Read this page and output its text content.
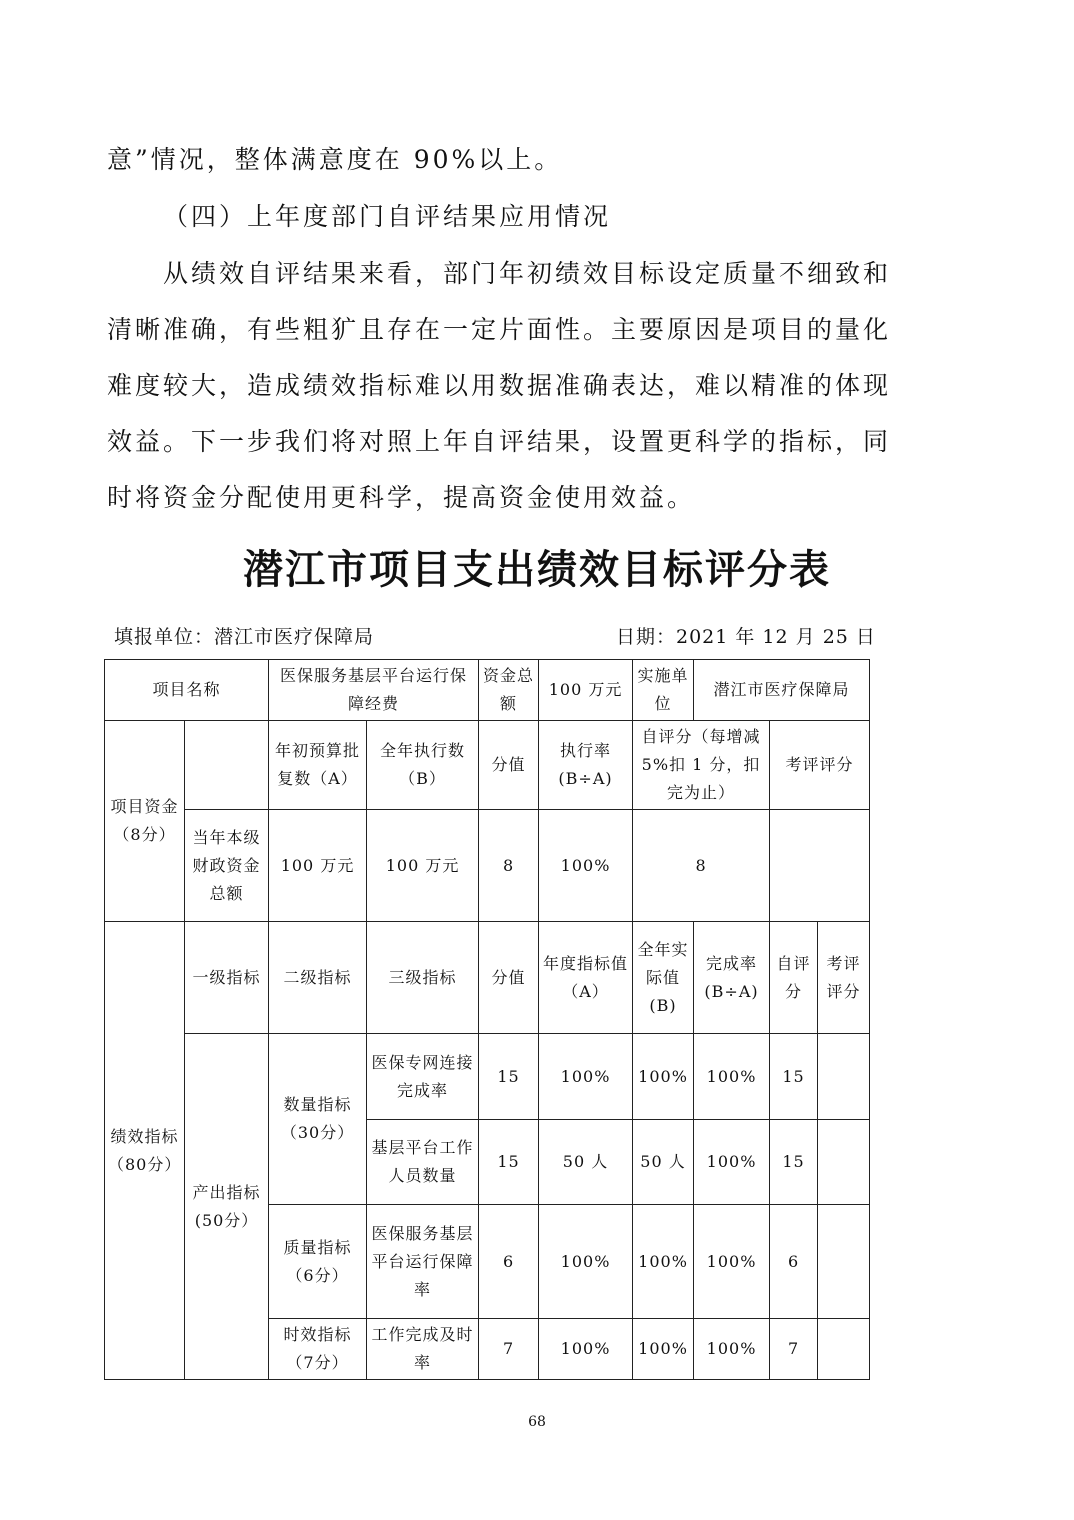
意”情况，整体满意度在 90%以上。
（四）上年度部门自评结果应用情况
从绩效自评结果来看，部门年初绩效目标设定质量不细致和清晰准确，有些粗犷且存在一定片面性。主要原因是项目的量化难度较大，造成绩效指标难以用数据准确表达，难以精准的体现效益。下一步我们将对照上年自评结果，设置更科学的指标，同时将资金分配使用更科学，提高资金使用效益。
潜江市项目支出绩效目标评分表
填报单位：潜江市医疗保障局	日期：2021 年 12 月 25 日
项目名称		医保服务基层平台运行保障经费		资金总额	100 万元	实施单位	潜江市医疗保障局		
项目资金（8分）		年初预算批复数（A）	全年执行数（B）	分值	执行率(B÷A)	自评分（每增减 5%扣 1 分，扣完为止）		考评评分	
	当年本级财政资金总额	100 万元	100 万元	8	100%	8			
绩效指标（80分）	一级指标	二级指标	三级指标	分值	年度指标值（A）	全年实际值(B)	完成率(B÷A)	自评分	考评评分
	产出指标(50分）	数量指标（30分）	医保专网连接完成率	15	100%	100%	100%	15	
			基层平台工作人员数量	15	50 人	50 人	100%	15	
		质量指标（6分）	医保服务基层平台运行保障率	6	100%	100%	100%	6	
		时效指标（7分）	工作完成及时率	7	100%	100%	100%	7	
68
